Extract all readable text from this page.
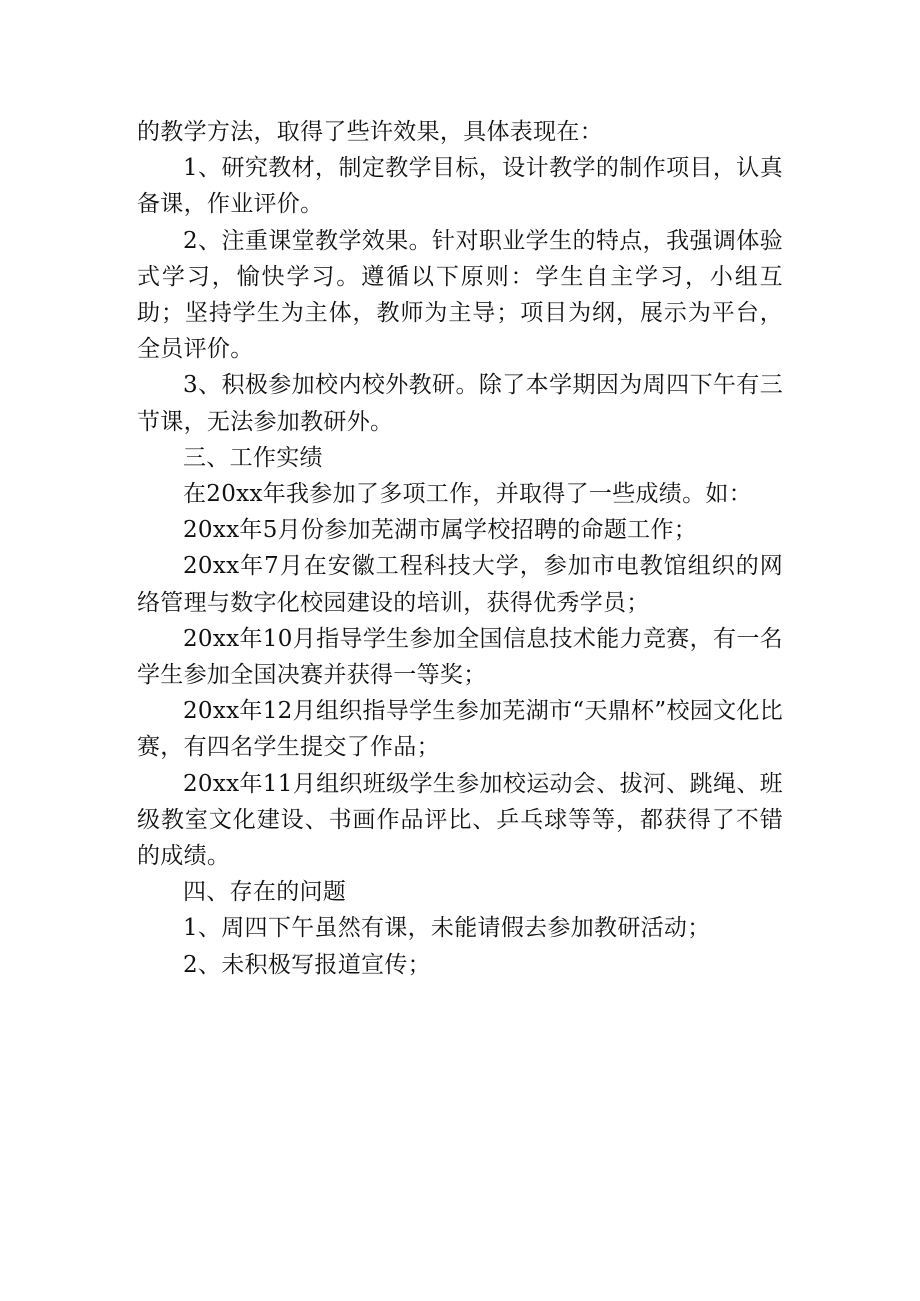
的教学方法，取得了些许效果，具体表现在：

1、研究教材，制定教学目标，设计教学的制作项目，认真备课，作业评价。

2、注重课堂教学效果。针对职业学生的特点，我强调体验式学习，愉快学习。遵循以下原则：学生自主学习，小组互助；坚持学生为主体，教师为主导；项目为纲，展示为平台，全员评价。

3、积极参加校内校外教研。除了本学期因为周四下午有三节课，无法参加教研外。

三、工作实绩

在20xx年我参加了多项工作，并取得了一些成绩。如：

20xx年5月份参加芜湖市属学校招聘的命题工作；

20xx年7月在安徽工程科技大学，参加市电教馆组织的网络管理与数字化校园建设的培训，获得优秀学员；

20xx年10月指导学生参加全国信息技术能力竞赛，有一名学生参加全国决赛并获得一等奖；

20xx年12月组织指导学生参加芜湖市“天鼎杯”校园文化比赛，有四名学生提交了作品；

20xx年11月组织班级学生参加校运动会、拔河、跳绳、班级教室文化建设、书画作品评比、乒乓球等等，都获得了不错的成绩。

四、存在的问题

1、周四下午虽然有课，未能请假去参加教研活动；

2、未积极写报道宣传；
